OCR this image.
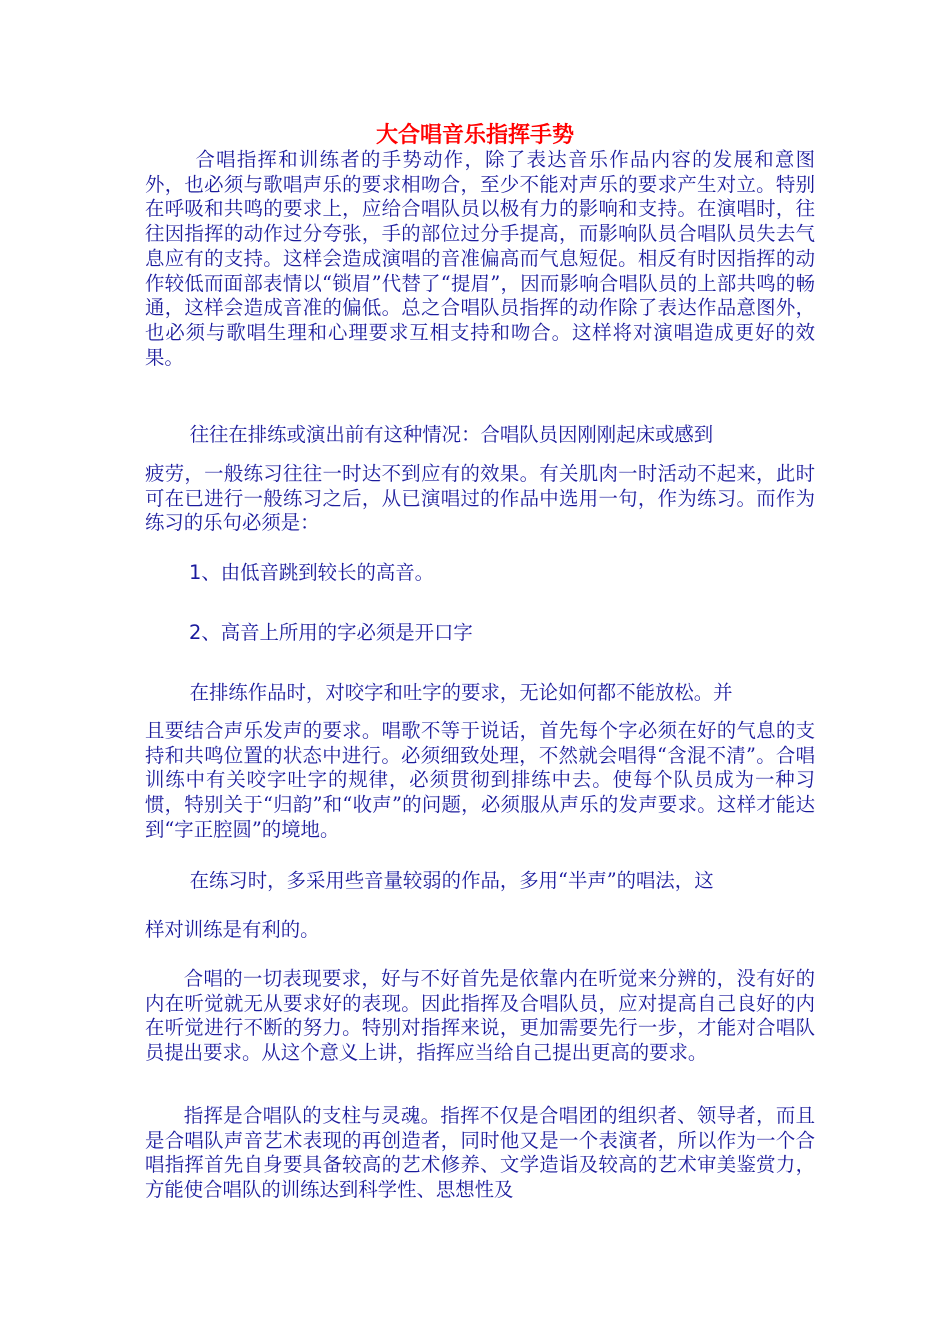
大合唱音乐指挥手势

合唱指挥和训练者的手势动作，除了表达音乐作品内容的发展和意图外，也必须与歌唱声乐的要求相吻合，至少不能对声乐的要求产生对立。特别在呼吸和共鸣的要求上，应给合唱队员以极有力的影响和支持。在演唱时，往往因指挥的动作过分夸张，手的部位过分手提高，而影响队员合唱队员失去气息应有的支持。这样会造成演唱的音准偏高而气息短促。相反有时因指挥的动作较低而面部表情以“锁眉”代替了“提眉”，因而影响合唱队员的上部共鸣的畅通，这样会造成音准的偏低。总之合唱队员指挥的动作除了表达作品意图外，也必须与歌唱生理和心理要求互相支持和吻合。这样将对演唱造成更好的效果。

往往在排练或演出前有这种情况：合唱队员因刚刚起床或感到

疲劳，一般练习往往一时达不到应有的效果。有关肌肉一时活动不起来，此时可在已进行一般练习之后，从已演唱过的作品中选用一句，作为练习。而作为练习的乐句必须是：

1、由低音跳到较长的高音。

2、高音上所用的字必须是开口字

在排练作品时，对咬字和吐字的要求，无论如何都不能放松。并

且要结合声乐发声的要求。唱歌不等于说话，首先每个字必须在好的气息的支持和共鸣位置的状态中进行。必须细致处理，不然就会唱得“含混不清”。合唱训练中有关咬字吐字的规律，必须贯彻到排练中去。使每个队员成为一种习惯，特别关于“归韵”和“收声”的问题，必须服从声乐的发声要求。这样才能达到“字正腔圆”的境地。

在练习时，多采用些音量较弱的作品，多用“半声”的唱法，这

样对训练是有利的。

合唱的一切表现要求，好与不好首先是依靠内在听觉来分辨的，没有好的内在听觉就无从要求好的表现。因此指挥及合唱队员，应对提高自己良好的内在听觉进行不断的努力。特别对指挥来说，更加需要先行一步，才能对合唱队员提出要求。从这个意义上讲，指挥应当给自己提出更高的要求。

指挥是合唱队的支柱与灵魂。指挥不仅是合唱团的组织者、领导者，而且是合唱队声音艺术表现的再创造者，同时他又是一个表演者，所以作为一个合唱指挥首先自身要具备较高的艺术修养、文学造诣及较高的艺术审美鉴赏力，方能使合唱队的训练达到科学性、思想性及
